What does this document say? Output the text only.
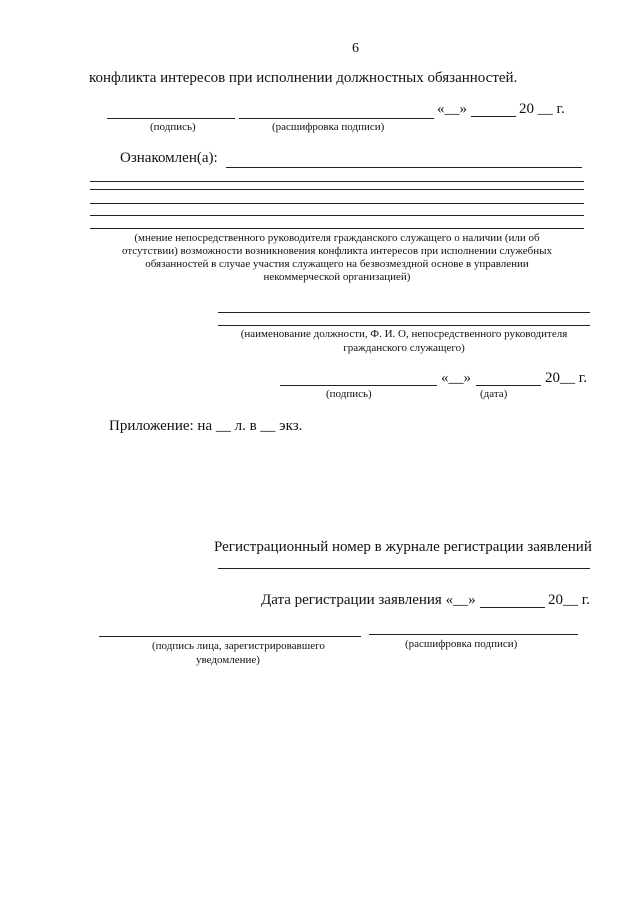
6
конфликта интересов при исполнении должностных обязанностей.
«__»	20 __ г.
(подпись)	(расшифровка подписи)
Ознакомлен(а):
(мнение непосредственного руководителя гражданского служащего о наличии (или об
отсутствии) возможности возникновения конфликта интересов при исполнении служебных
обязанностей в случае участия служащего на безвозмездной основе в управлении
некоммерческой организацией)
(наименование должности, Ф. И. О, непосредственного руководителя
гражданского служащего)
«__»	20__ г.
(подпись)	(дата)
Приложение: на __ л. в __ экз.
Регистрационный номер в журнале регистрации заявлений
Дата регистрации заявления «__»	20__ г.
(подпись лица, зарегистрировавшего
уведомление)
(расшифровка подписи)
